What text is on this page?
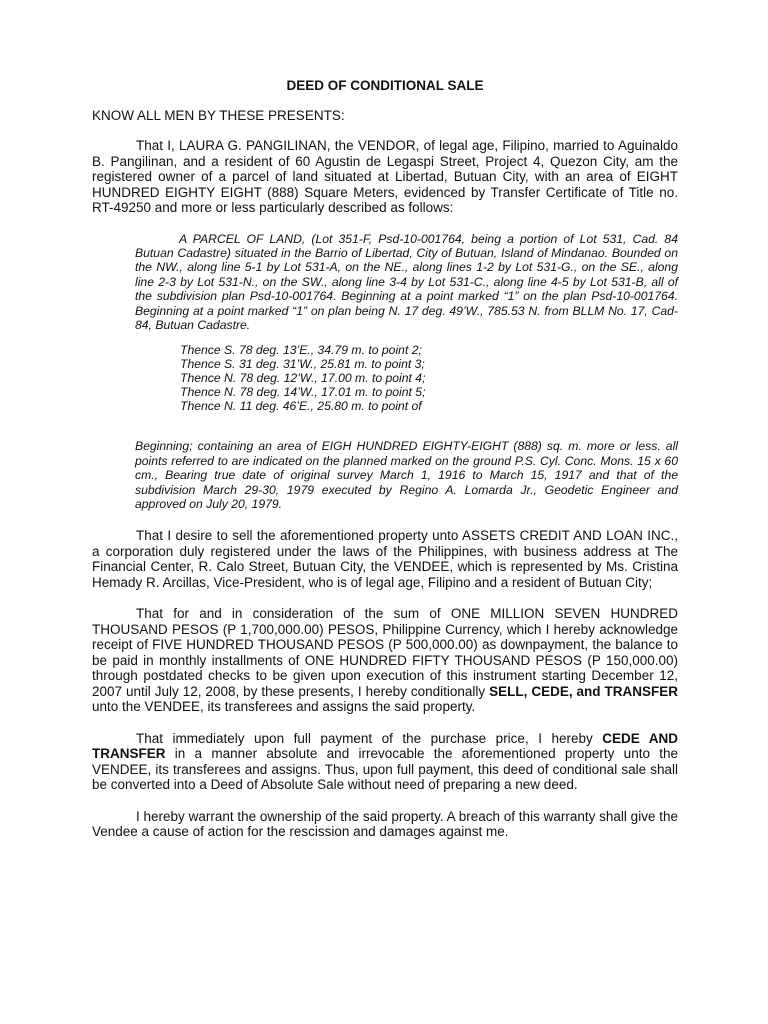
DEED OF CONDITIONAL SALE
KNOW ALL MEN BY THESE PRESENTS:

That I, LAURA G. PANGILINAN, the VENDOR, of legal age, Filipino, married to Aguinaldo B. Pangilinan, and a resident of 60 Agustin de Legaspi Street, Project 4, Quezon City, am the registered owner of a parcel of land situated at Libertad, Butuan City, with an area of EIGHT HUNDRED EIGHTY EIGHT (888) Square Meters, evidenced by Transfer Certificate of Title no. RT-49250 and more or less particularly described as follows:

A PARCEL OF LAND, (Lot 351-F, Psd-10-001764, being a portion of Lot 531, Cad. 84 Butuan Cadastre) situated in the Barrio of Libertad, City of Butuan, Island of Mindanao. Bounded on the NW., along line 5-1 by Lot 531-A, on the NE., along lines 1-2 by Lot 531-G., on the SE., along line 2-3 by Lot 531-N., on the SW., along line 3-4 by Lot 531-C., along line 4-5 by Lot 531-B, all of the subdivision plan Psd-10-001764. Beginning at a point marked “1” on the plan Psd-10-001764. Beginning at a point marked “1” on plan being N. 17 deg. 49’W., 785.53 N. from BLLM No. 17, Cad-84, Butuan Cadastre.

Thence S. 78 deg. 13’E., 34.79 m. to point 2;
Thence S. 31 deg. 31’W., 25.81 m. to point 3;
Thence N. 78 deg. 12’W., 17.00 m. to point 4;
Thence N. 78 deg. 14’W., 17.01 m. to point 5;
Thence N. 11 deg. 46’E., 25.80 m. to point of

Beginning; containing an area of EIGH HUNDRED EIGHTY-EIGHT (888) sq. m. more or less. all points referred to are indicated on the planned marked on the ground P.S. Cyl. Conc. Mons. 15 x 60 cm., Bearing true date of original survey March 1, 1916 to March 15, 1917 and that of the subdivision March 29-30, 1979 executed by Regino A. Lomarda Jr., Geodetic Engineer and approved on July 20, 1979.

That I desire to sell the aforementioned property unto ASSETS CREDIT AND LOAN INC., a corporation duly registered under the laws of the Philippines, with business address at The Financial Center, R. Calo Street, Butuan City, the VENDEE, which is represented by Ms. Cristina Hemady R. Arcillas, Vice-President, who is of legal age, Filipino and a resident of Butuan City;

That for and in consideration of the sum of ONE MILLION SEVEN HUNDRED THOUSAND PESOS (P 1,700,000.00) PESOS, Philippine Currency, which I hereby acknowledge receipt of FIVE HUNDRED THOUSAND PESOS (P 500,000.00) as downpayment, the balance to be paid in monthly installments of ONE HUNDRED FIFTY THOUSAND PESOS (P 150,000.00) through postdated checks to be given upon execution of this instrument starting December 12, 2007 until July 12, 2008, by these presents, I hereby conditionally SELL, CEDE, and TRANSFER unto the VENDEE, its transferees and assigns the said property.

That immediately upon full payment of the purchase price, I hereby CEDE AND TRANSFER in a manner absolute and irrevocable the aforementioned property unto the VENDEE, its transferees and assigns. Thus, upon full payment, this deed of conditional sale shall be converted into a Deed of Absolute Sale without need of preparing a new deed.

I hereby warrant the ownership of the said property. A breach of this warranty shall give the Vendee a cause of action for the rescission and damages against me.
